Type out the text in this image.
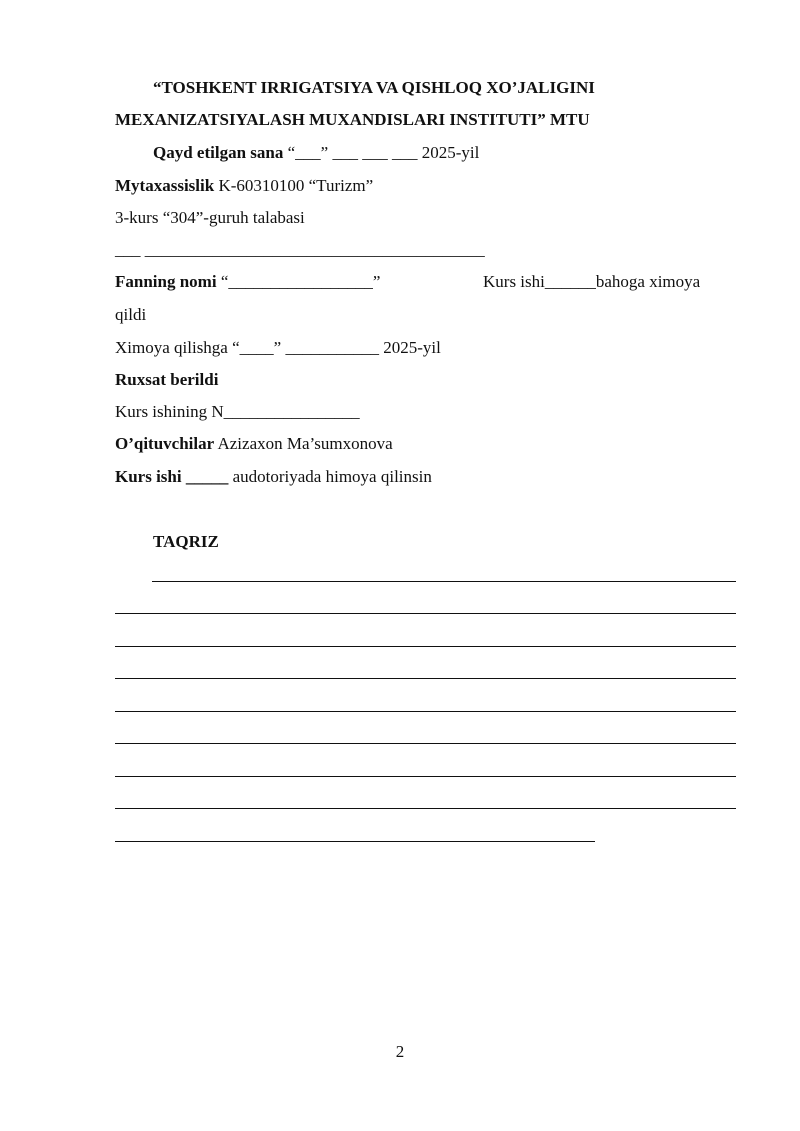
“TOSHKENT IRRIGATSIYA VA QISHLOQ XO’JALIGINI
MEXANIZATSIYALASH MUXANDISLARI INSTITUTI” MTU
Qayd etilgan sana “___” ___ ___ ___ 2025-yil
Mytaxassislik K-60310100 “Turizm”
3-kurs “304”-guruh talabasi
___ ________________________________________
Fanning nomi “_________________”	Kurs ishi______bahoga ximoya
qildi
Ximoya qilishga “____” ___________ 2025-yil
Ruxsat berildi
Kurs ishining N________________
O’qituvchilar Azizaxon Ma’sumxonova
Kurs ishi _____ audotoriyada himoya qilinsin
TAQRIZ
2
